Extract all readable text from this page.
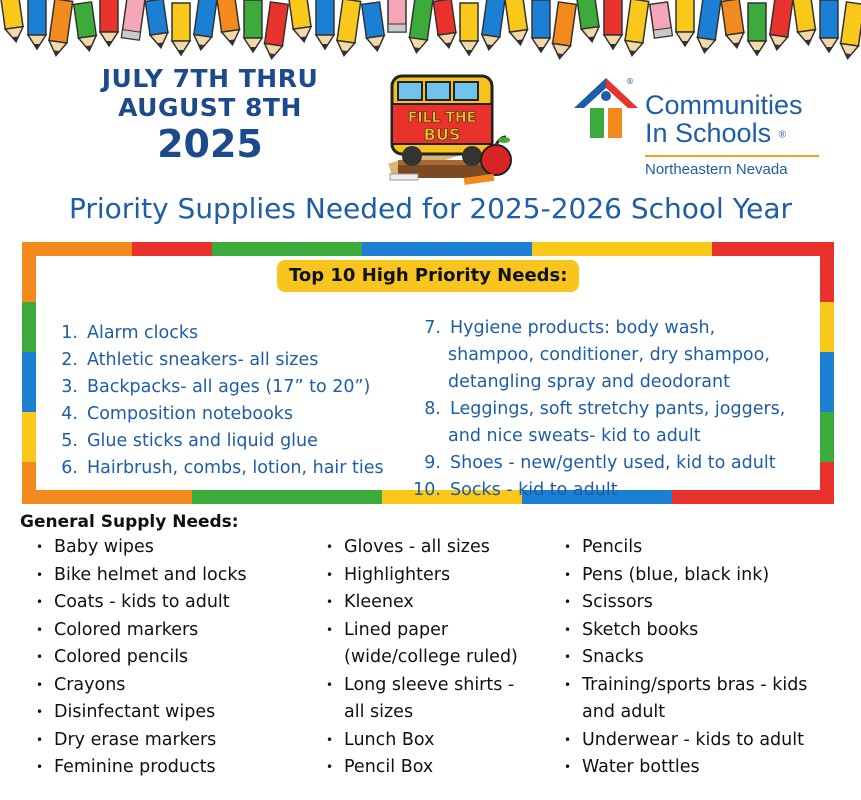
JULY 7TH THRU
AUGUST 8TH
2025
FILL THE
BUS
®
Communities
In Schools ®
Northeastern Nevada
Priority Supplies Needed for 2025-2026 School Year
Top 10 High Priority Needs:
1. Alarm clocks
2. Athletic sneakers- all sizes
3. Backpacks- all ages (17” to 20”)
4. Composition notebooks
5. Glue sticks and liquid glue
6. Hairbrush, combs, lotion, hair ties
7. Hygiene products: body wash,
shampoo, conditioner, dry shampoo,
detangling spray and deodorant
8. Leggings, soft stretchy pants, joggers,
and nice sweats- kid to adult
9. Shoes - new/gently used, kid to adult
10. Socks - kid to adult
General Supply Needs:
• Baby wipes
• Bike helmet and locks
• Coats - kids to adult
• Colored markers
• Colored pencils
• Crayons
• Disinfectant wipes
• Dry erase markers
• Feminine products
• Gloves - all sizes
• Highlighters
• Kleenex
• Lined paper
(wide/college ruled)
• Long sleeve shirts -
all sizes
• Lunch Box
• Pencil Box
• Pencils
• Pens (blue, black ink)
• Scissors
• Sketch books
• Snacks
• Training/sports bras - kids
and adult
• Underwear - kids to adult
• Water bottles
